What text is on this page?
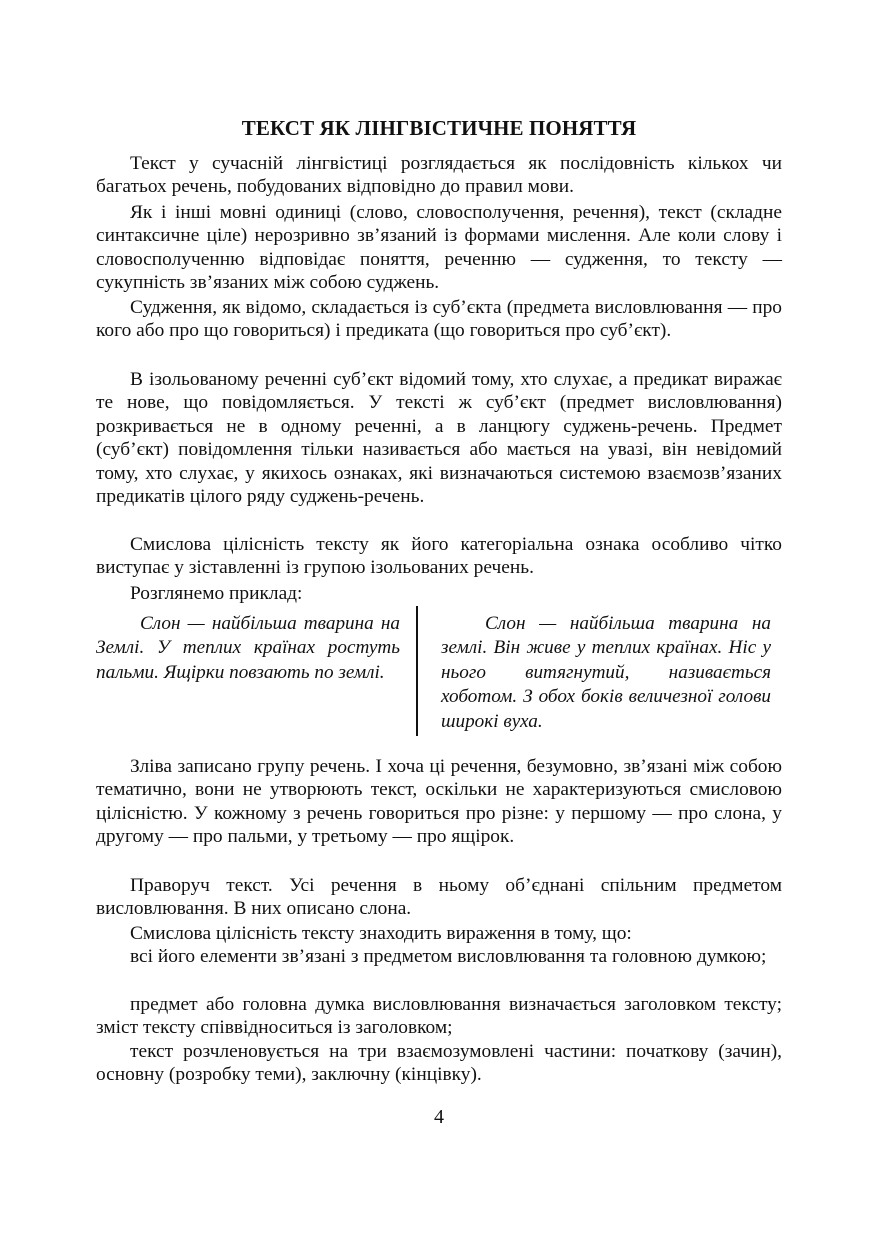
ТЕКСТ ЯК ЛІНГВІСТИЧНЕ ПОНЯТТЯ

Текст у сучасній лінгвістиці розглядається як послідовність кількох чи багатьох речень, побудованих відповідно до правил мови.

Як і інші мовні одиниці (слово, словосполучення, речення), текст (складне синтаксичне ціле) нерозривно зв’язаний із формами мислення. Але коли слову і словосполученню відповідає поняття, реченню — судження, то тексту — сукупність зв’язаних між собою суджень.

Судження, як відомо, складається із суб’єкта (предмета висловлювання — про кого або про що говориться) і предиката (що говориться про суб’єкт).

В ізольованому реченні суб’єкт відомий тому, хто слухає, а предикат виражає те нове, що повідомляється. У тексті ж суб’єкт (предмет висловлювання) розкривається не в одному реченні, а в ланцюгу суджень-речень. Предмет (суб’єкт) повідомлення тільки називається або мається на увазі, він невідомий тому, хто слухає, у якихось ознаках, які визначаються системою взаємозв’язаних предикатів цілого ряду суджень-речень.

Смислова цілісність тексту як його категоріальна ознака особливо чітко виступає у зіставленні із групою ізольованих речень.

Розглянемо приклад:

Слон — найбільша тварина на Землі. У теплих країнах ростуть пальми. Ящірки повзають по землі.

Слон — найбільша тварина на землі. Він живе у теплих країнах. Ніс у нього витягнутий, називається хоботом. З обох боків величезної голови широкі вуха.

Зліва записано групу речень. І хоча ці речення, безумовно, зв’язані між собою тематично, вони не утворюють текст, оскільки не характеризуються смисловою цілісністю. У кожному з речень говориться про різне: у першому — про слона, у другому — про пальми, у третьому — про ящірок.

Праворуч текст. Усі речення в ньому об’єднані спільним предметом висловлювання. В них описано слона.

Смислова цілісність тексту знаходить вираження в тому, що:

всі його елементи зв’язані з предметом висловлювання та головною думкою;

предмет або головна думка висловлювання визначається заголовком тексту; зміст тексту співвідноситься із заголовком;

текст розчленовується на три взаємозумовлені частини: початкову (зачин), основну (розробку теми), заключну (кінцівку).

4
